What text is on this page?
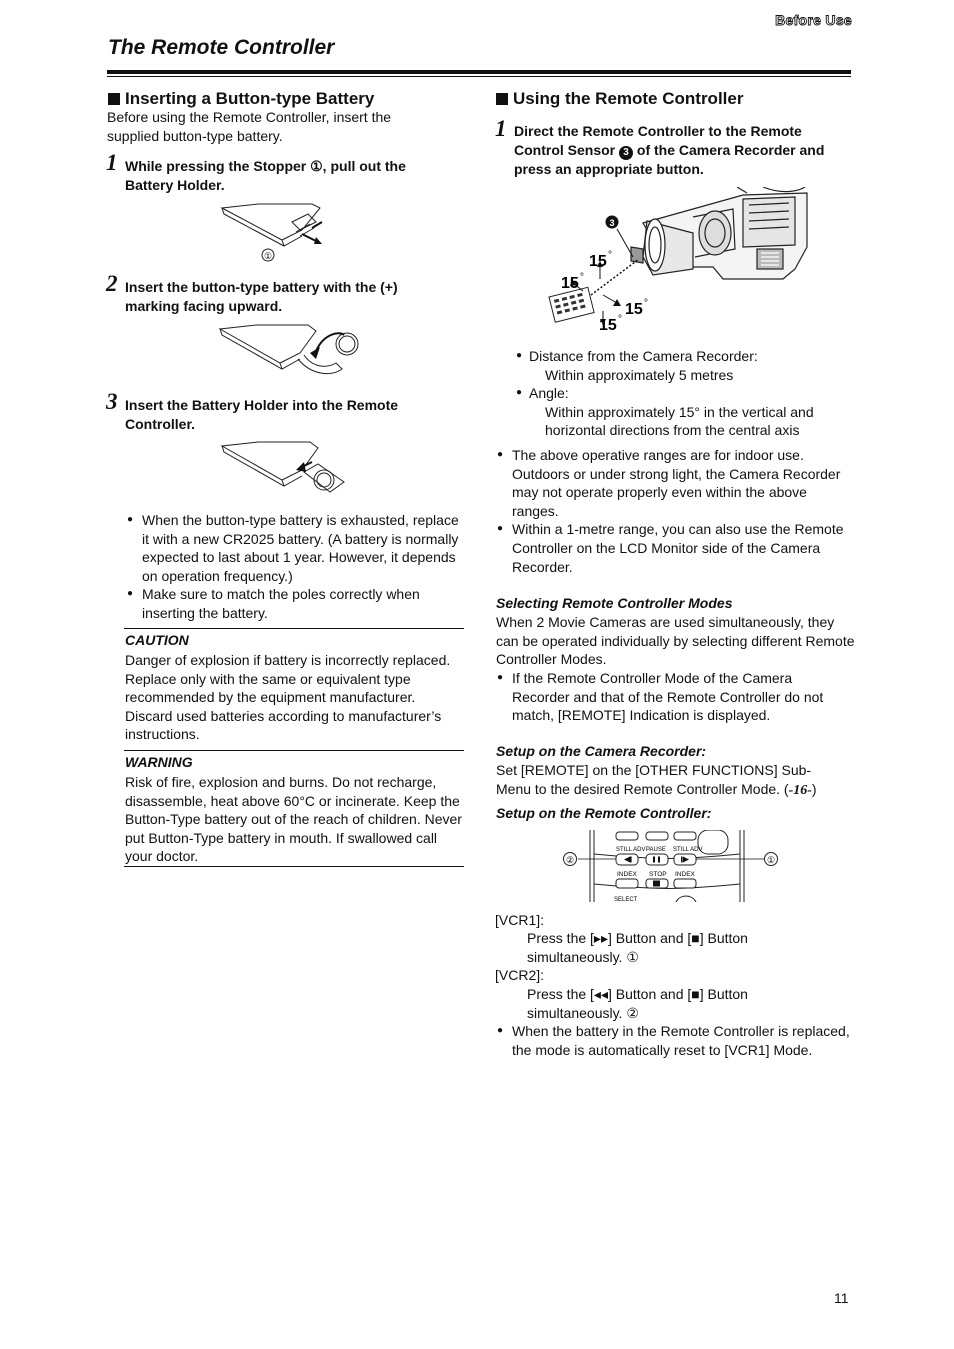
Before Use
The Remote Controller
Inserting a Button-type Battery
Before using the Remote Controller, insert the supplied button-type battery.
1 While pressing the Stopper ①, pull out the Battery Holder.
①
2 Insert the button-type battery with the (+) marking facing upward.
3 Insert the Battery Holder into the Remote Controller.
● When the button-type battery is exhausted, replace it with a new CR2025 battery. (A battery is normally expected to last about 1 year. However, it depends on operation frequency.)
● Make sure to match the poles correctly when inserting the battery.
CAUTION
Danger of explosion if battery is incorrectly replaced. Replace only with the same or equivalent type recommended by the equipment manufacturer. Discard used batteries according to manufacturer’s instructions.
WARNING
Risk of fire, explosion and burns. Do not recharge, disassemble, heat above 60°C or incinerate. Keep the Button-Type battery out of the reach of children. Never put Button-Type battery in mouth. If swallowed call your doctor.
Using the Remote Controller
1 Direct the Remote Controller to the Remote Control Sensor 3 of the Camera Recorder and press an appropriate button.
3
15 °
15 °
15 °
15 °
● Distance from the Camera Recorder:
Within approximately 5 metres
● Angle:
Within approximately 15° in the vertical and horizontal directions from the central axis
● The above operative ranges are for indoor use. Outdoors or under strong light, the Camera Recorder may not operate properly even within the above ranges.
● Within a 1-metre range, you can also use the Remote Controller on the LCD Monitor side of the Camera Recorder.
Selecting Remote Controller Modes
When 2 Movie Cameras are used simultaneously, they can be operated individually by selecting different Remote Controller Modes.
● If the Remote Controller Mode of the Camera Recorder and that of the Remote Controller do not match, [REMOTE] Indication is displayed.
Setup on the Camera Recorder:
Set [REMOTE] on the [OTHER FUNCTIONS] Sub-Menu to the desired Remote Controller Mode. (-16-)
Setup on the Remote Controller:
STILL ADV PAUSE STILL ADV
INDEX STOP INDEX
SELECT
②	①
[VCR1]:
Press the [▸▸] Button and [■] Button simultaneously. ①
[VCR2]:
Press the [◂◂] Button and [■] Button simultaneously. ②
● When the battery in the Remote Controller is replaced, the mode is automatically reset to [VCR1] Mode.
11
